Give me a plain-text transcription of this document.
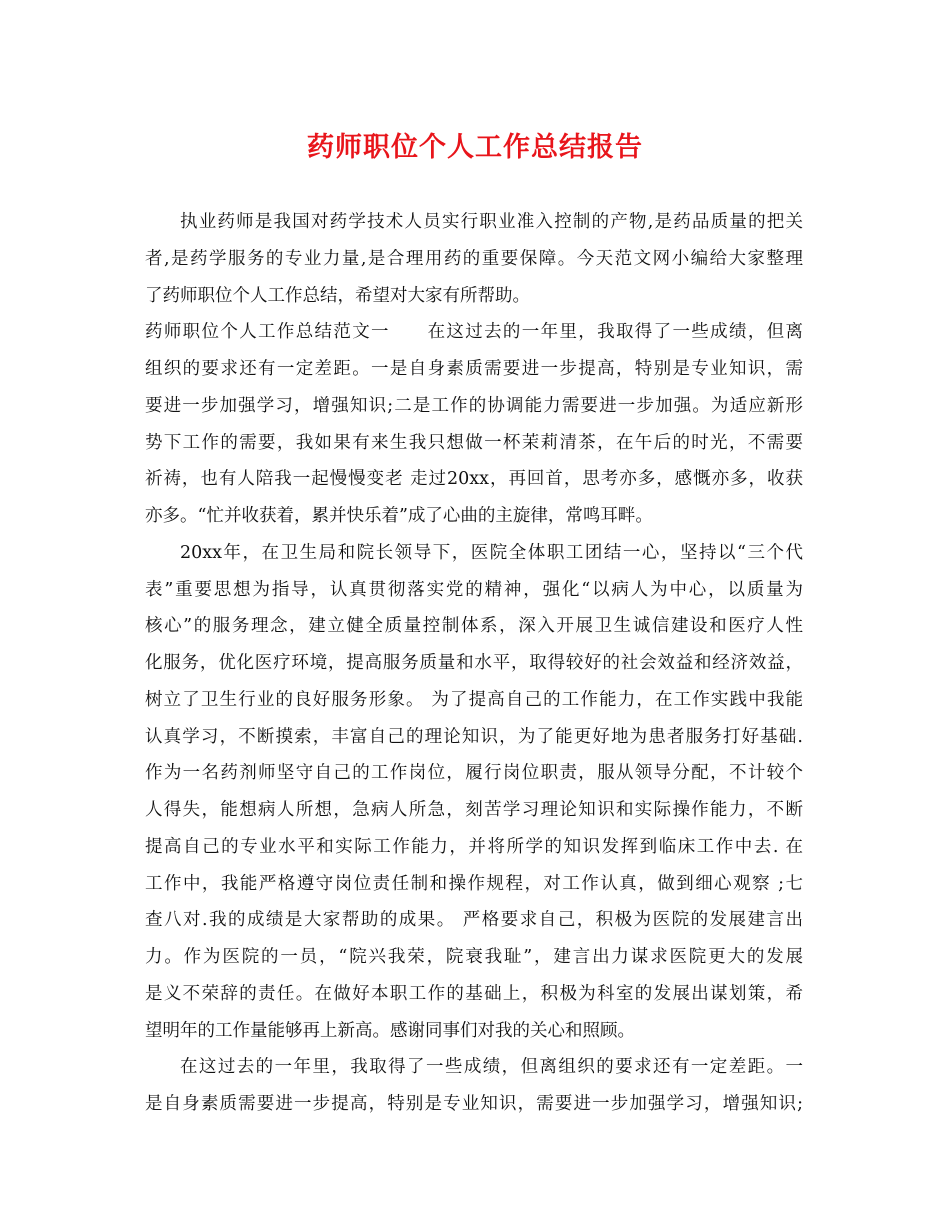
药师职位个人工作总结报告
执业药师是我国对药学技术人员实行职业准入控制的产物,是药品质量的把关
者,是药学服务的专业力量,是合理用药的重要保障。今天范文网小编给大家整理
了药师职位个人工作总结，希望对大家有所帮助。
药师职位个人工作总结范文一　　在这过去的一年里，我取得了一些成绩，但离
组织的要求还有一定差距。一是自身素质需要进一步提高，特别是专业知识，需
要进一步加强学习，增强知识;二是工作的协调能力需要进一步加强。为适应新形
势下工作的需要，我如果有来生我只想做一杯茉莉清茶，在午后的时光，不需要
祈祷，也有人陪我一起慢慢变老 走过20xx，再回首，思考亦多，感慨亦多，收获
亦多。“忙并收获着，累并快乐着”成了心曲的主旋律，常鸣耳畔。
20xx年，在卫生局和院长领导下，医院全体职工团结一心，坚持以“三个代
表”重要思想为指导，认真贯彻落实党的精神，强化“以病人为中心，以质量为
核心”的服务理念，建立健全质量控制体系，深入开展卫生诚信建设和医疗人性
化服务，优化医疗环境，提高服务质量和水平，取得较好的社会效益和经济效益，
树立了卫生行业的良好服务形象。 为了提高自己的工作能力，在工作实践中我能
认真学习，不断摸索，丰富自己的理论知识，为了能更好地为患者服务打好基础.
作为一名药剂师坚守自己的工作岗位，履行岗位职责，服从领导分配，不计较个
人得失，能想病人所想，急病人所急，刻苦学习理论知识和实际操作能力，不断
提高自己的专业水平和实际工作能力，并将所学的知识发挥到临床工作中去. 在
工作中，我能严格遵守岗位责任制和操作规程，对工作认真，做到细心观察 ;七
查八对.我的成绩是大家帮助的成果。 严格要求自己，积极为医院的发展建言出
力。作为医院的一员，“院兴我荣，院衰我耻”，建言出力谋求医院更大的发展
是义不荣辞的责任。在做好本职工作的基础上，积极为科室的发展出谋划策，希
望明年的工作量能够再上新高。感谢同事们对我的关心和照顾。
在这过去的一年里，我取得了一些成绩，但离组织的要求还有一定差距。一
是自身素质需要进一步提高，特别是专业知识，需要进一步加强学习，增强知识;
